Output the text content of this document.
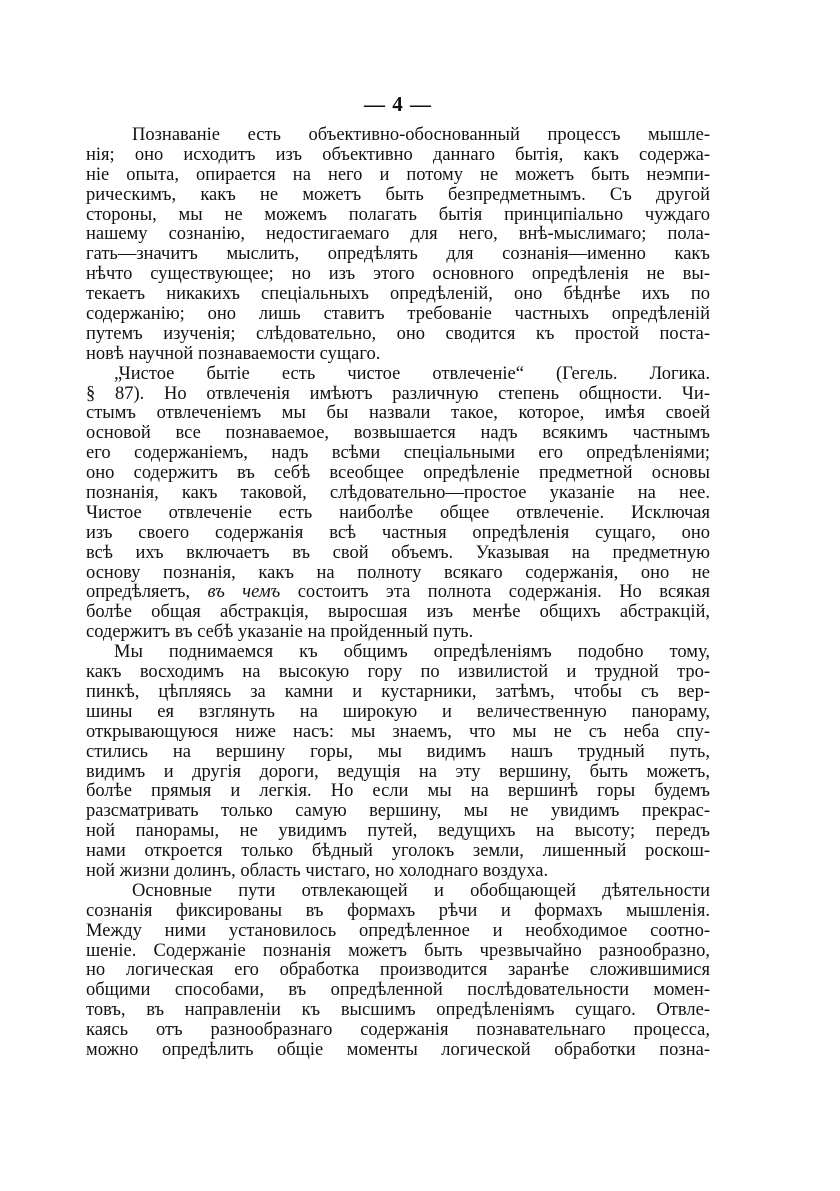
— 4 —
Познаваніе есть объективно-обоснованный процессъ мышле-
нія; оно исходитъ изъ объективно даннаго бытія, какъ содержа-
ніе опыта, опирается на него и потому не можетъ быть неэмпи-
рическимъ, какъ не можетъ быть безпредметнымъ. Съ другой
стороны, мы не можемъ полагать бытія принципіально чуждаго
нашему сознанію, недостигаемаго для него, внѣ-мыслимаго; пола-
гать—значитъ мыслить, опредѣлять для сознанія—именно какъ
нѣчто существующее; но изъ этого основного опредѣленія не вы-
текаетъ никакихъ спеціальныхъ опредѣленій, оно бѣднѣе ихъ по
содержанію; оно лишь ставитъ требованіе частныхъ опредѣленій
путемъ изученія; слѣдовательно, оно сводится къ простой поста-
новѣ научной познаваемости сущаго.
„Чистое бытіе есть чистое отвлеченіе“ (Гегель. Логика.
§ 87). Но отвлеченія имѣютъ различную степень общности. Чи-
стымъ отвлеченіемъ мы бы назвали такое, которое, имѣя своей
основой все познаваемое, возвышается надъ всякимъ частнымъ
его содержаніемъ, надъ всѣми спеціальными его опредѣленіями;
оно содержитъ въ себѣ всеобщее опредѣленіе предметной основы
познанія, какъ таковой, слѣдовательно—простое указаніе на нее.
Чистое отвлеченіе есть наиболѣе общее отвлеченіе. Исключая
изъ своего содержанія всѣ частныя опредѣленія сущаго, оно
всѣ ихъ включаетъ въ свой объемъ. Указывая на предметную
основу познанія, какъ на полноту всякаго содержанія, оно не
опредѣляетъ, въ чемъ состоитъ эта полнота содержанія. Но всякая
болѣе общая абстракція, выросшая изъ менѣе общихъ абстракцій,
содержитъ въ себѣ указаніе на пройденный путь.
Мы поднимаемся къ общимъ опредѣленіямъ подобно тому,
какъ восходимъ на высокую гору по извилистой и трудной тро-
пинкѣ, цѣпляясь за камни и кустарники, затѣмъ, чтобы съ вер-
шины ея взглянуть на широкую и величественную панораму,
открывающуюся ниже насъ: мы знаемъ, что мы не съ неба спу-
стились на вершину горы, мы видимъ нашъ трудный путь,
видимъ и другія дороги, ведущія на эту вершину, быть можетъ,
болѣе прямыя и легкія. Но если мы на вершинѣ горы будемъ
разсматривать только самую вершину, мы не увидимъ прекрас-
ной панорамы, не увидимъ путей, ведущихъ на высоту; передъ
нами откроется только бѣдный уголокъ земли, лишенный роскош-
ной жизни долинъ, область чистаго, но холоднаго воздуха.
Основные пути отвлекающей и обобщающей дѣятельности
сознанія фиксированы въ формахъ рѣчи и формахъ мышленія.
Между ними установилось опредѣленное и необходимое соотно-
шеніе. Содержаніе познанія можетъ быть чрезвычайно разнообразно,
но логическая его обработка производится заранѣе сложившимися
общими способами, въ опредѣленной послѣдовательности момен-
товъ, въ направленіи къ высшимъ опредѣленіямъ сущаго. Отвле-
каясь отъ разнообразнаго содержанія познавательнаго процесса,
можно опредѣлить общіе моменты логической обработки позна-
